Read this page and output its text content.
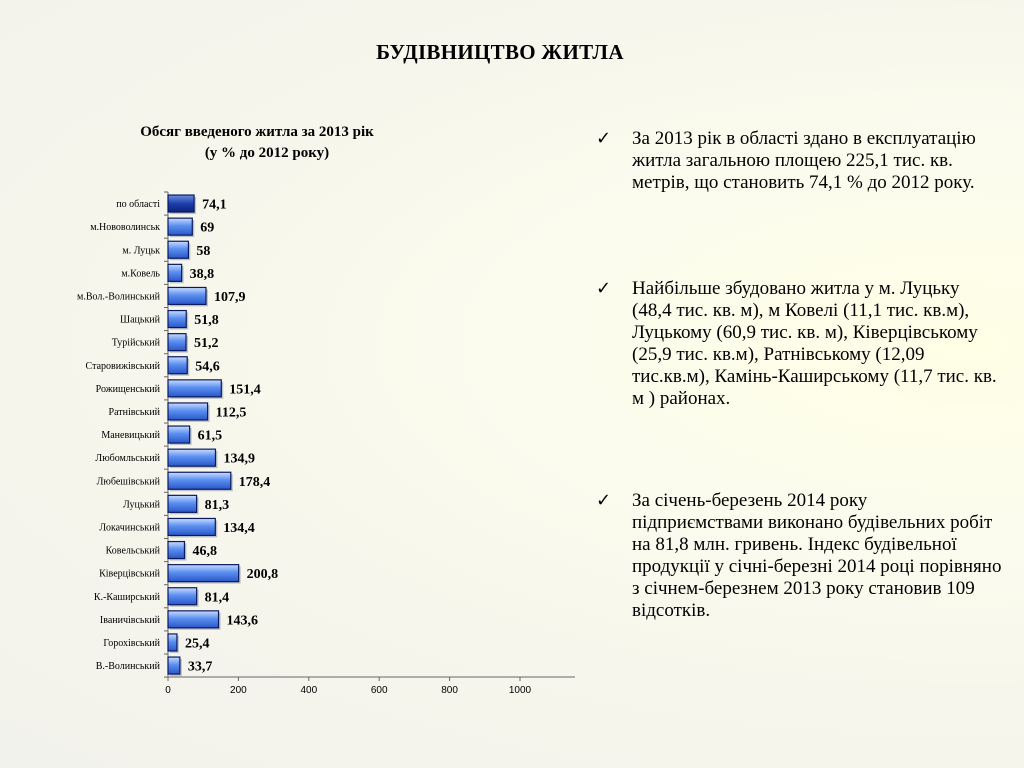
БУДІВНИЦТВО ЖИТЛА
Обсяг введеного житла за 2013 рік
(у % до 2012 року)
0	200	400	600	800	1000
по області	74,1
м.Нововолинськ	69
м. Луцьк	58
м.Ковель 38,8
м.Вол.-Волинський	107,9
Шацький 51,8
Турійський 51,2
Старовижівський	54,6
Рожищенський	151,4
Ратнівський	112,5
Маневицький	61,5
Любомльський	134,9
Любешівський	178,4
Луцький	81,3
Локачинський	134,4
Ковельський 46,8
Ківерцівський	200,8
К.-Каширський	81,4
Іваничівський	143,6
Горохівський 25,4
В.-Волинський 33,7
✓ За 2013 рік в області здано в експлуатацію житла загальною площею 225,1 тис. кв. метрів, що становить 74,1 % до 2012 року.
✓ Найбільше збудовано житла у м. Луцьку (48,4 тис. кв. м), м Ковелі (11,1 тис. кв.м), Луцькому (60,9 тис. кв. м), Ківерцівському (25,9 тис. кв.м), Ратнівському (12,09 тис.кв.м), Камінь-Каширському (11,7 тис. кв. м ) районах.
✓ За січень-березень 2014 року підприємствами виконано будівельних робіт на 81,8 млн. гривень. Індекс будівельної продукції у січні-березні 2014 році порівняно з січнем-березнем 2013 року становив 109 відсотків.
